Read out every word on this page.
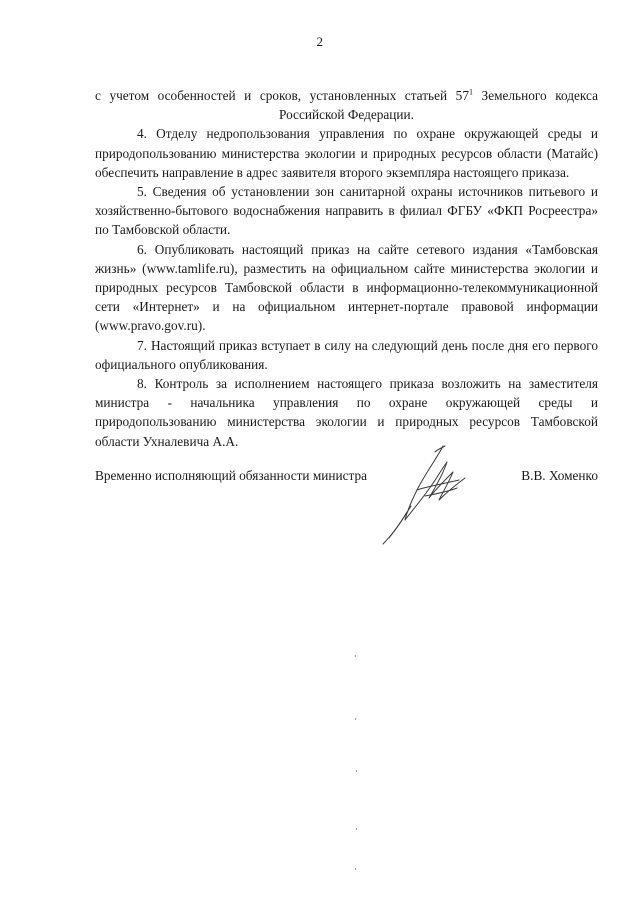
2

с учетом особенностей и сроков, установленных статьей $57^1$ Земельного кодекса Российской Федерации.

4. Отделу недропользования управления по охране окружающей среды и природопользованию министерства экологии и природных ресурсов области (Матайс) обеспечить направление в адрес заявителя второго экземпляра настоящего приказа.

5. Сведения об установлении зон санитарной охраны источников питьевого и хозяйственно-бытового водоснабжения направить в филиал ФГБУ «ФКП Росреестра» по Тамбовской области.

6. Опубликовать настоящий приказ на сайте сетевого издания «Тамбовская жизнь» (www.tamlife.ru), разместить на официальном сайте министерства экологии и природных ресурсов Тамбовской области в информационно-телекоммуникационной сети «Интернет» и на официальном интернет-портале правовой информации (www.pravo.gov.ru).

7. Настоящий приказ вступает в силу на следующий день после дня его первого официального опубликования.

8. Контроль за исполнением настоящего приказа возложить на заместителя министра - начальника управления по охране окружающей среды и природопользованию министерства экологии и природных ресурсов Тамбовской области Ухналевича А.А.

Временно исполняющий обязанности министра	В.В. Хоменко
